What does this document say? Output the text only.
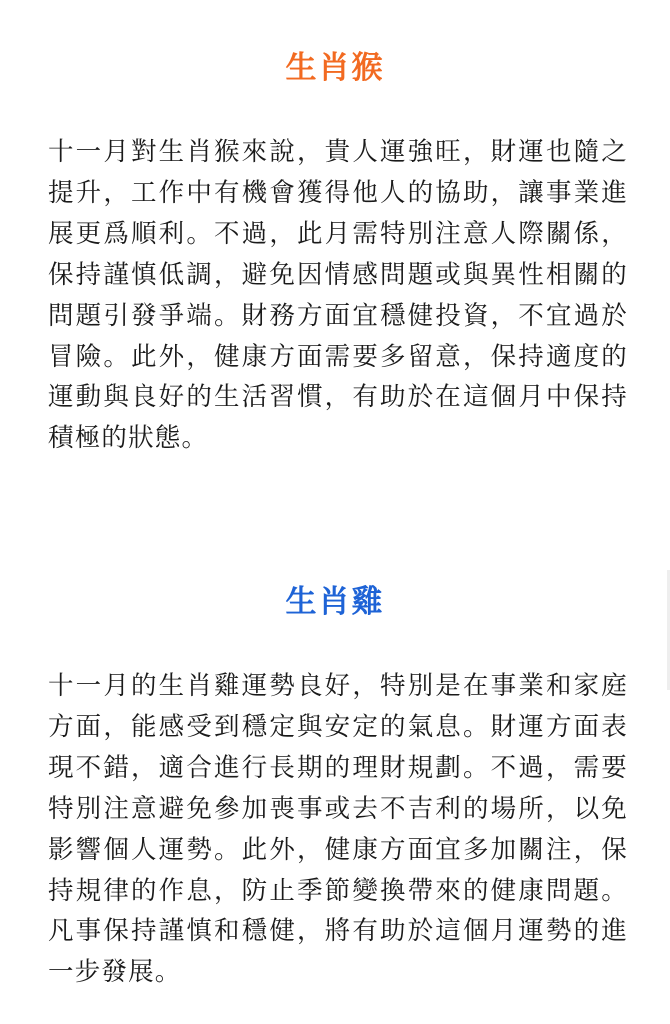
生肖猴

十一月對生肖猴來說，貴人運強旺，財運也隨之提升，工作中有機會獲得他人的協助，讓事業進展更爲順利。不過，此月需特別注意人際關係，保持謹慎低調，避免因情感問題或與異性相關的問題引發爭端。財務方面宜穩健投資，不宜過於冒險。此外，健康方面需要多留意，保持適度的運動與良好的生活習慣，有助於在這個月中保持積極的狀態。

生肖雞

十一月的生肖雞運勢良好，特別是在事業和家庭方面，能感受到穩定與安定的氣息。財運方面表現不錯，適合進行長期的理財規劃。不過，需要特別注意避免參加喪事或去不吉利的場所，以免影響個人運勢。此外，健康方面宜多加關注，保持規律的作息，防止季節變換帶來的健康問題。凡事保持謹慎和穩健，將有助於這個月運勢的進一步發展。
